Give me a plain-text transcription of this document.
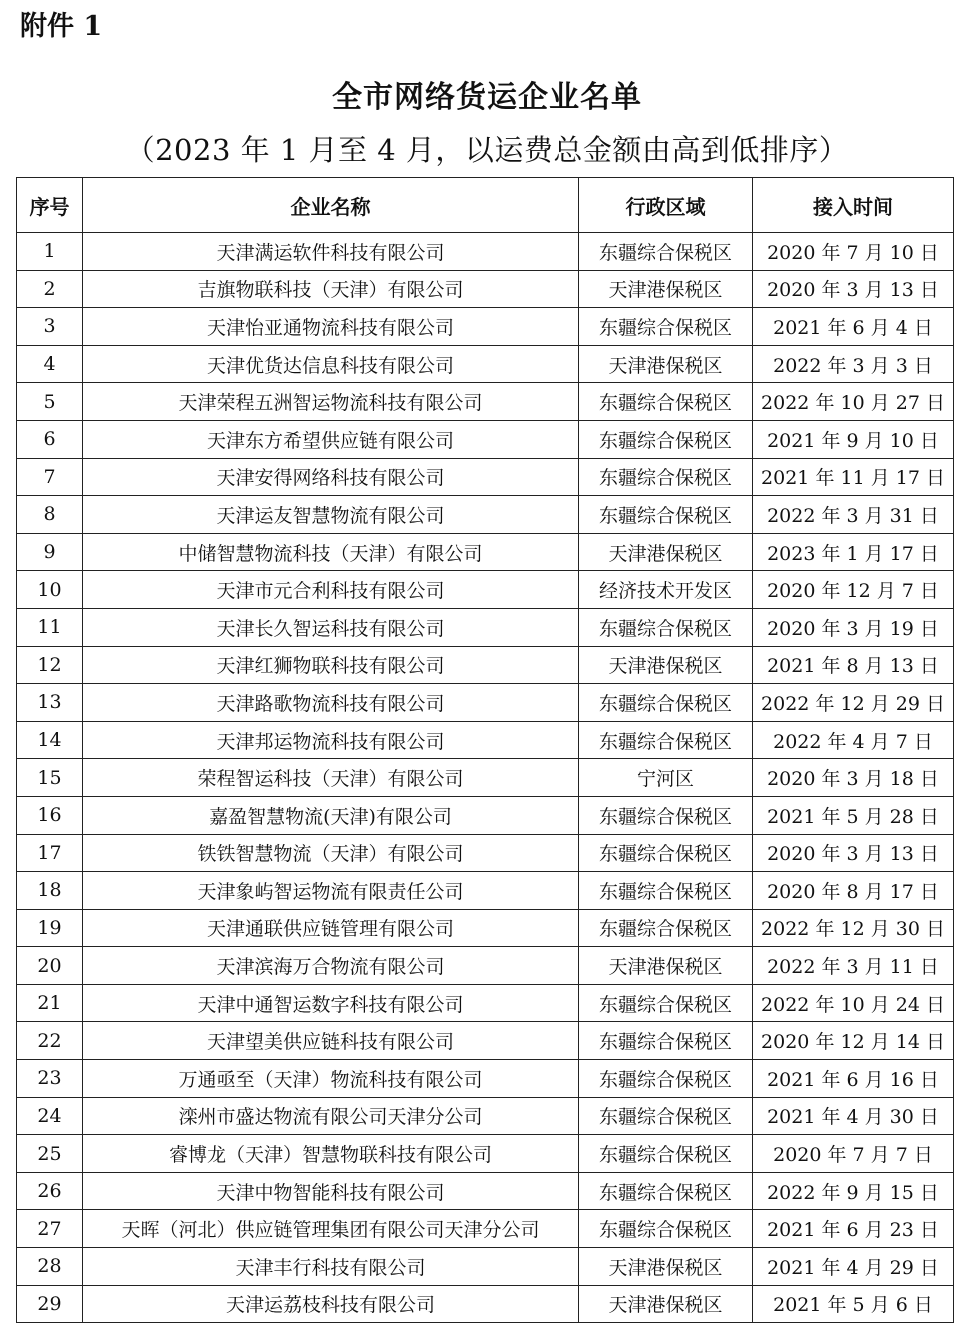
附件 1
全市网络货运企业名单
（2023 年 1 月至 4 月，以运费总金额由高到低排序）
序号	企业名称	行政区域	接入时间
1	天津满运软件科技有限公司	东疆综合保税区	2020 年 7 月 10 日
2	吉旗物联科技（天津）有限公司	天津港保税区	2020 年 3 月 13 日
3	天津怡亚通物流科技有限公司	东疆综合保税区	2021 年 6 月 4 日
4	天津优货达信息科技有限公司	天津港保税区	2022 年 3 月 3 日
5	天津荣程五洲智运物流科技有限公司	东疆综合保税区	2022 年 10 月 27 日
6	天津东方希望供应链有限公司	东疆综合保税区	2021 年 9 月 10 日
7	天津安得网络科技有限公司	东疆综合保税区	2021 年 11 月 17 日
8	天津运友智慧物流有限公司	东疆综合保税区	2022 年 3 月 31 日
9	中储智慧物流科技（天津）有限公司	天津港保税区	2023 年 1 月 17 日
10	天津市元合利科技有限公司	经济技术开发区	2020 年 12 月 7 日
11	天津长久智运科技有限公司	东疆综合保税区	2020 年 3 月 19 日
12	天津红狮物联科技有限公司	天津港保税区	2021 年 8 月 13 日
13	天津路歌物流科技有限公司	东疆综合保税区	2022 年 12 月 29 日
14	天津邦运物流科技有限公司	东疆综合保税区	2022 年 4 月 7 日
15	荣程智运科技（天津）有限公司	宁河区	2020 年 3 月 18 日
16	嘉盈智慧物流(天津)有限公司	东疆综合保税区	2021 年 5 月 28 日
17	铁铁智慧物流（天津）有限公司	东疆综合保税区	2020 年 3 月 13 日
18	天津象屿智运物流有限责任公司	东疆综合保税区	2020 年 8 月 17 日
19	天津通联供应链管理有限公司	东疆综合保税区	2022 年 12 月 30 日
20	天津滨海万合物流有限公司	天津港保税区	2022 年 3 月 11 日
21	天津中通智运数字科技有限公司	东疆综合保税区	2022 年 10 月 24 日
22	天津望美供应链科技有限公司	东疆综合保税区	2020 年 12 月 14 日
23	万通亟至（天津）物流科技有限公司	东疆综合保税区	2021 年 6 月 16 日
24	滦州市盛达物流有限公司天津分公司	东疆综合保税区	2021 年 4 月 30 日
25	睿博龙（天津）智慧物联科技有限公司	东疆综合保税区	2020 年 7 月 7 日
26	天津中物智能科技有限公司	东疆综合保税区	2022 年 9 月 15 日
27	天晖（河北）供应链管理集团有限公司天津分公司	东疆综合保税区	2021 年 6 月 23 日
28	天津丰行科技有限公司	天津港保税区	2021 年 4 月 29 日
29	天津运荔枝科技有限公司	天津港保税区	2021 年 5 月 6 日
